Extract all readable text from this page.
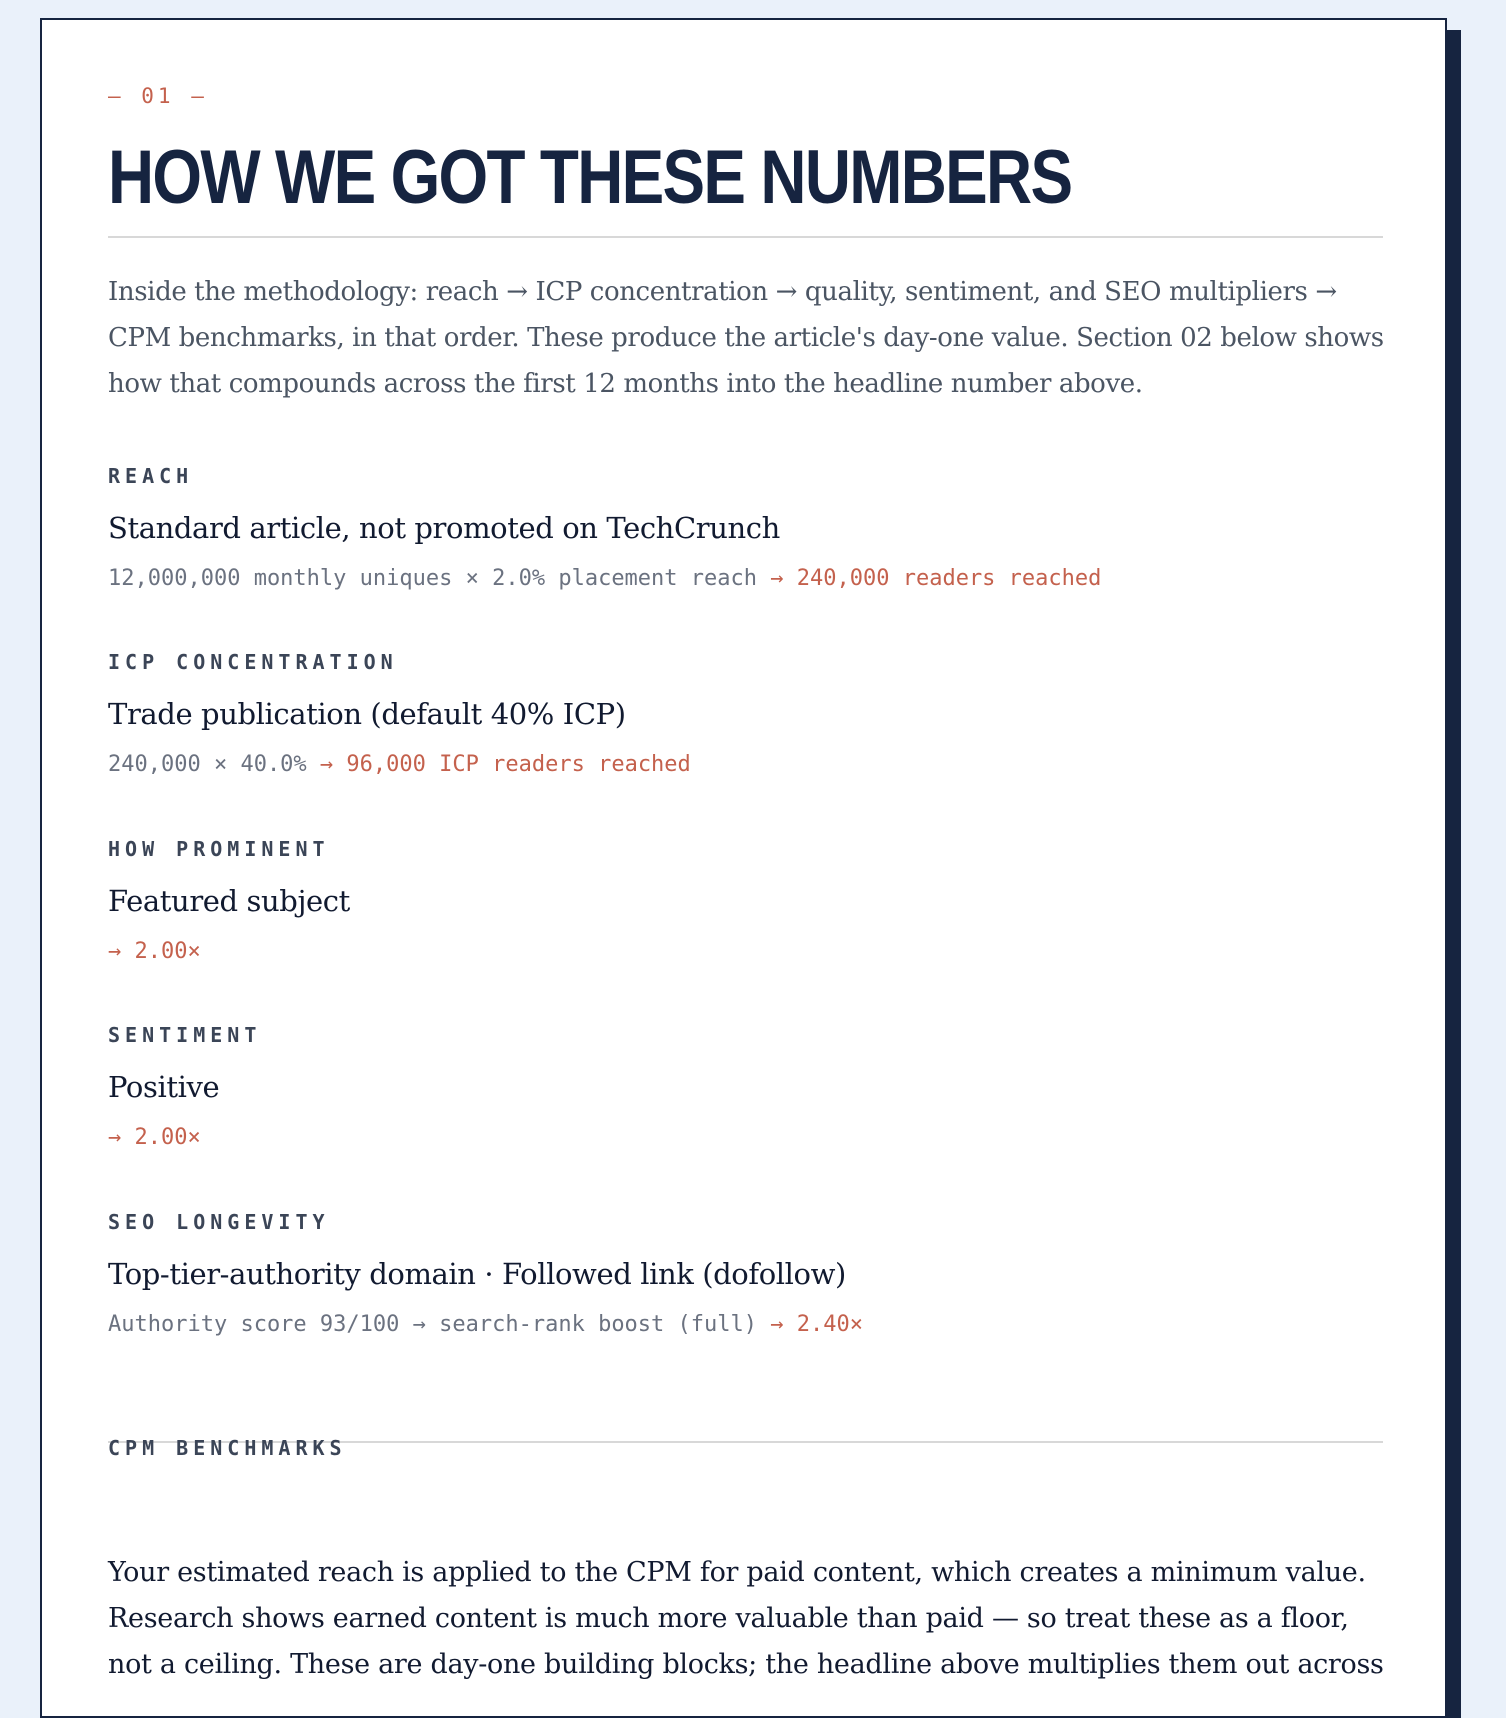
— 01 —
HOW WE GOT THESE NUMBERS

Inside the methodology: reach → ICP concentration → quality, sentiment, and SEO multipliers → CPM benchmarks, in that order. These produce the article's day-one value. Section 02 below shows how that compounds across the first 12 months into the headline number above.

REACH
Standard article, not promoted on TechCrunch
12,000,000 monthly uniques × 2.0% placement reach → 240,000 readers reached
ICP CONCENTRATION
Trade publication (default 40% ICP)
240,000 × 40.0% → 96,000 ICP readers reached
HOW PROMINENT
Featured subject
→ 2.00×
SENTIMENT
Positive
→ 2.00×
SEO LONGEVITY
Top-tier-authority domain · Followed link (dofollow)
Authority score 93/100 → search-rank boost (full) → 2.40×
CPM BENCHMARKS

Your estimated reach is applied to the CPM for paid content, which creates a minimum value. Research shows earned content is much more valuable than paid — so treat these as a floor, not a ceiling. These are day-one building blocks; the headline above multiplies them out across
